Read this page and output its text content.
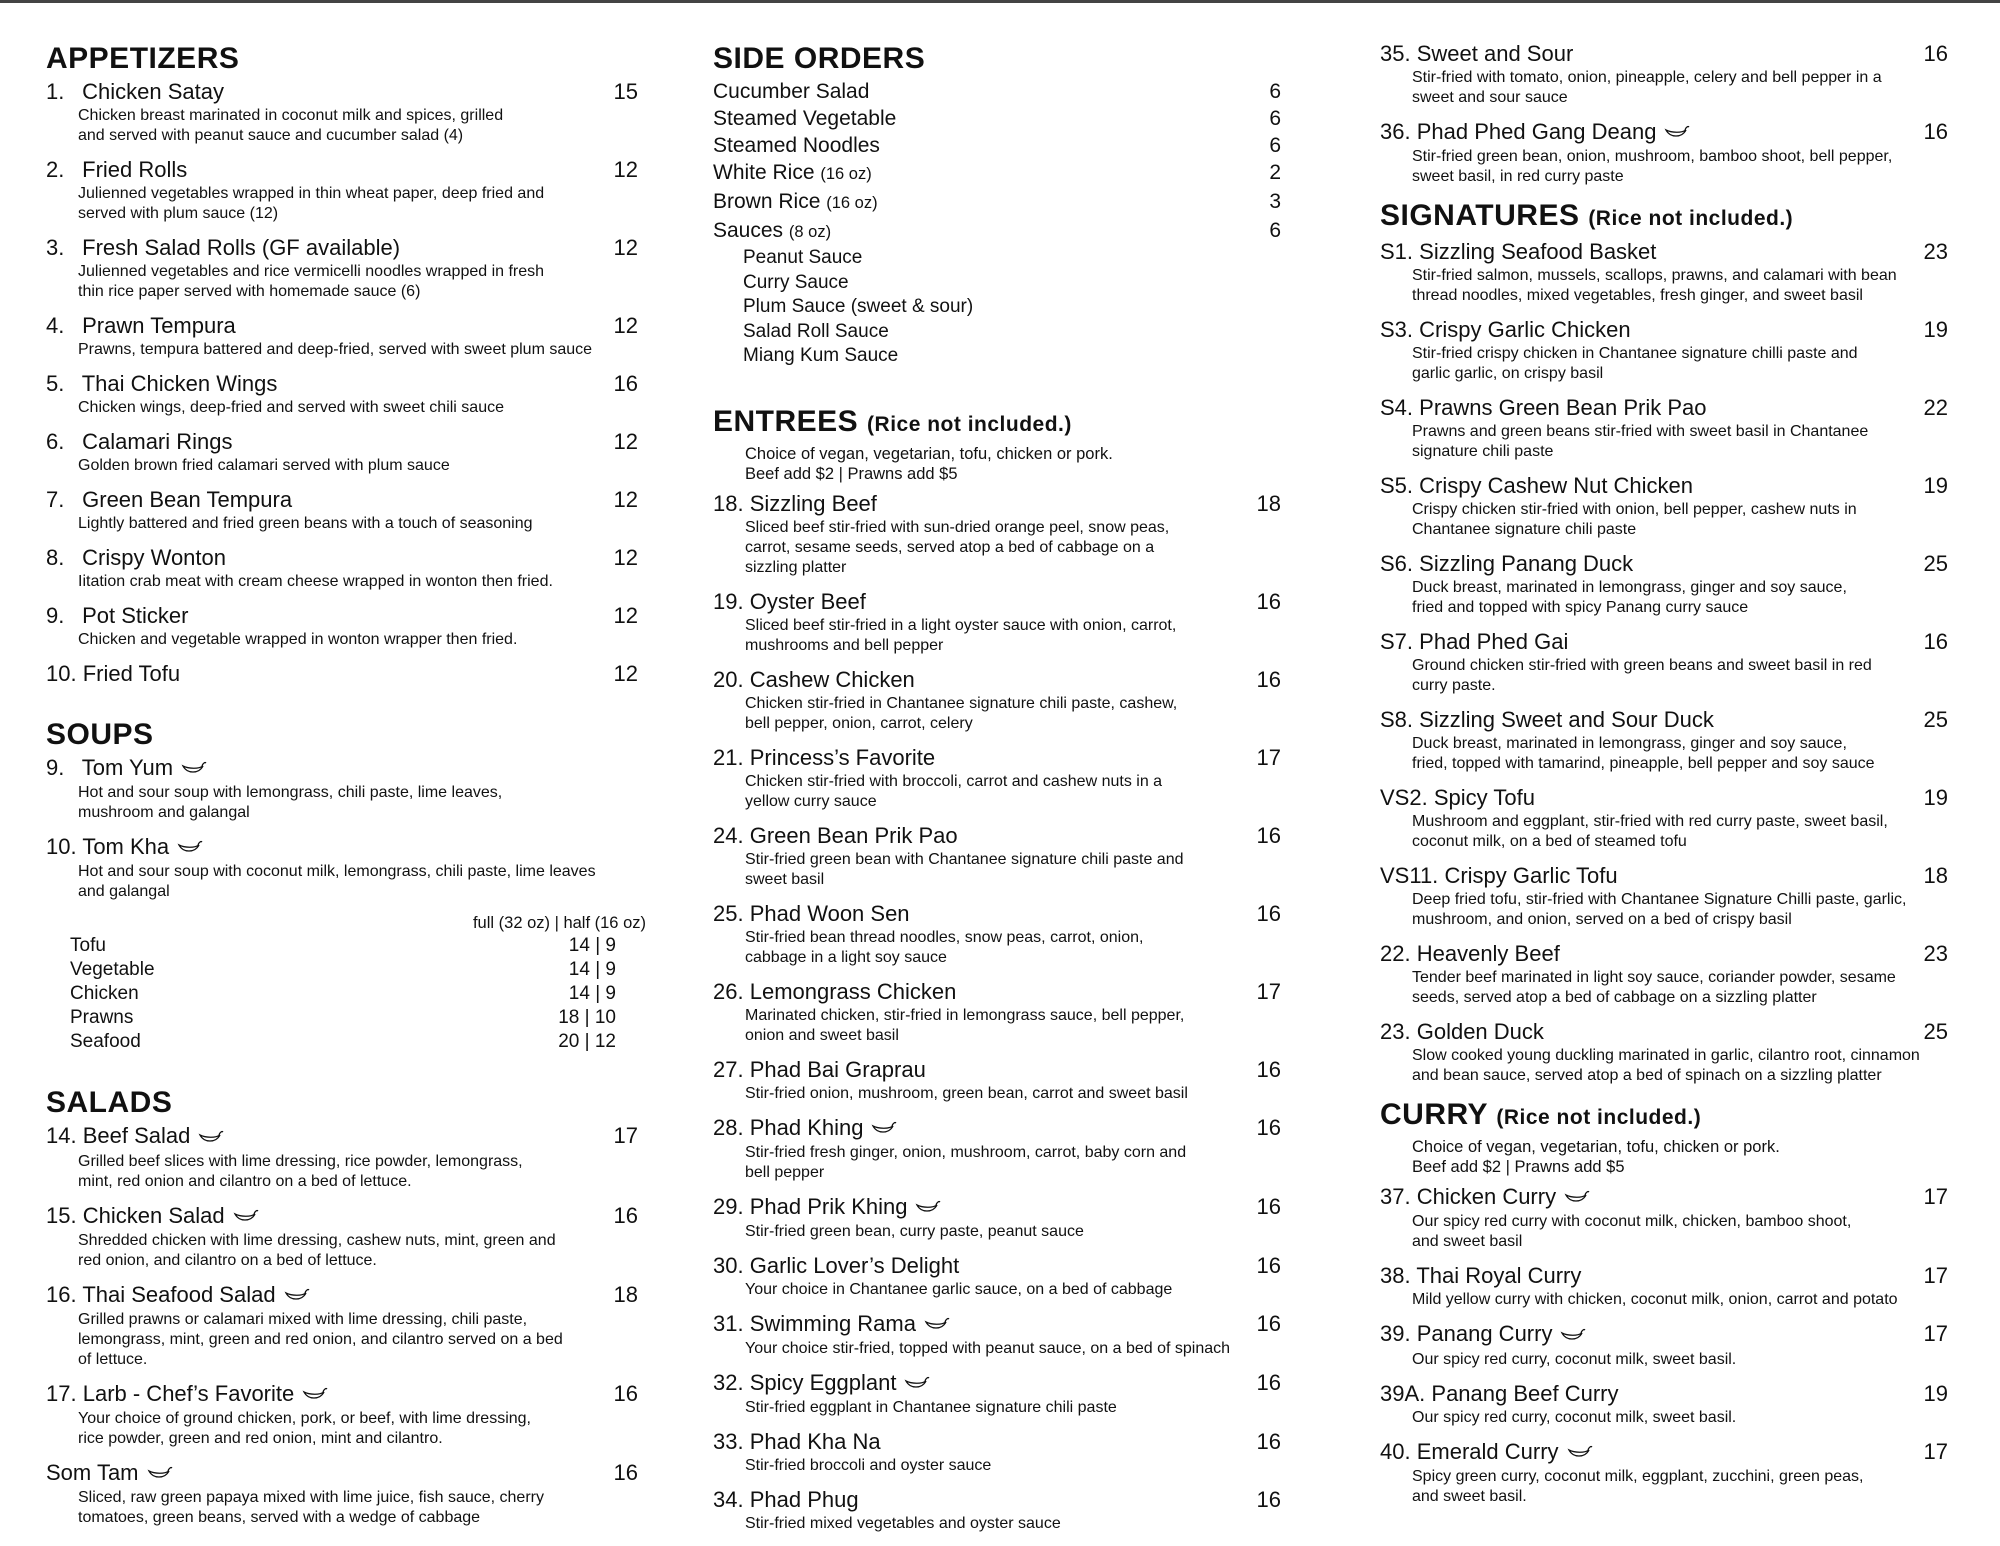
APPETIZERS
1. Chicken Satay	15
Chicken breast marinated in coconut milk and spices, grilled
and served with peanut sauce and cucumber salad (4)
2. Fried Rolls	12
Julienned vegetables wrapped in thin wheat paper, deep fried and
served with plum sauce (12)
3. Fresh Salad Rolls (GF available)	12
Julienned vegetables and rice vermicelli noodles wrapped in fresh
thin rice paper served with homemade sauce (6)
4. Prawn Tempura	12
Prawns, tempura battered and deep-fried, served with sweet plum sauce
5. Thai Chicken Wings	16
Chicken wings, deep-fried and served with sweet chili sauce
6. Calamari Rings	12
Golden brown fried calamari served with plum sauce
7. Green Bean Tempura	12
Lightly battered and fried green beans with a touch of seasoning
8. Crispy Wonton	12
Iitation crab meat with cream cheese wrapped in wonton then fried.
9. Pot Sticker	12
Chicken and vegetable wrapped in wonton wrapper then fried.
10. Fried Tofu	12
SOUPS
9. Tom Yum
Hot and sour soup with lemongrass, chili paste, lime leaves,
mushroom and galangal
10. Tom Kha
Hot and sour soup with coconut milk, lemongrass, chili paste, lime leaves
and galangal
full (32 oz) | half (16 oz)
Tofu	14 | 9
Vegetable	14 | 9
Chicken	14 | 9
Prawns	18 | 10
Seafood	20 | 12
SALADS
14. Beef Salad	17
Grilled beef slices with lime dressing, rice powder, lemongrass,
mint, red onion and cilantro on a bed of lettuce.
15. Chicken Salad	16
Shredded chicken with lime dressing, cashew nuts, mint, green and
red onion, and cilantro on a bed of lettuce.
16. Thai Seafood Salad	18
Grilled prawns or calamari mixed with lime dressing, chili paste,
lemongrass, mint, green and red onion, and cilantro served on a bed
of lettuce.
17. Larb - Chef’s Favorite	16
Your choice of ground chicken, pork, or beef, with lime dressing,
rice powder, green and red onion, mint and cilantro.
Som Tam	16
Sliced, raw green papaya mixed with lime juice, fish sauce, cherry
tomatoes, green beans, served with a wedge of cabbage
SIDE ORDERS
Cucumber Salad	6
Steamed Vegetable	6
Steamed Noodles	6
White Rice (16 oz)	2
Brown Rice (16 oz)	3
Sauces (8 oz)	6
Peanut Sauce
Curry Sauce
Plum Sauce (sweet & sour)
Salad Roll Sauce
Miang Kum Sauce
ENTREES (Rice not included.)
Choice of vegan, vegetarian, tofu, chicken or pork.
Beef add $2 | Prawns add $5
18. Sizzling Beef	18
Sliced beef stir-fried with sun-dried orange peel, snow peas,
carrot, sesame seeds, served atop a bed of cabbage on a
sizzling platter
19. Oyster Beef	16
Sliced beef stir-fried in a light oyster sauce with onion, carrot,
mushrooms and bell pepper
20. Cashew Chicken	16
Chicken stir-fried in Chantanee signature chili paste, cashew,
bell pepper, onion, carrot, celery
21. Princess’s Favorite	17
Chicken stir-fried with broccoli, carrot and cashew nuts in a
yellow curry sauce
24. Green Bean Prik Pao	16
Stir-fried green bean with Chantanee signature chili paste and
sweet basil
25. Phad Woon Sen	16
Stir-fried bean thread noodles, snow peas, carrot, onion,
cabbage in a light soy sauce
26. Lemongrass Chicken	17
Marinated chicken, stir-fried in lemongrass sauce, bell pepper,
onion and sweet basil
27. Phad Bai Graprau	16
Stir-fried onion, mushroom, green bean, carrot and sweet basil
28. Phad Khing	16
Stir-fried fresh ginger, onion, mushroom, carrot, baby corn and
bell pepper
29. Phad Prik Khing	16
Stir-fried green bean, curry paste, peanut sauce
30. Garlic Lover’s Delight	16
Your choice in Chantanee garlic sauce, on a bed of cabbage
31. Swimming Rama	16
Your choice stir-fried, topped with peanut sauce, on a bed of spinach
32. Spicy Eggplant	16
Stir-fried eggplant in Chantanee signature chili paste
33. Phad Kha Na	16
Stir-fried broccoli and oyster sauce
34. Phad Phug	16
Stir-fried mixed vegetables and oyster sauce
35. Sweet and Sour	16
Stir-fried with tomato, onion, pineapple, celery and bell pepper in a
sweet and sour sauce
36. Phad Phed Gang Deang	16
Stir-fried green bean, onion, mushroom, bamboo shoot, bell pepper,
sweet basil, in red curry paste
SIGNATURES (Rice not included.)
S1. Sizzling Seafood Basket	23
Stir-fried salmon, mussels, scallops, prawns, and calamari with bean
thread noodles, mixed vegetables, fresh ginger, and sweet basil
S3. Crispy Garlic Chicken	19
Stir-fried crispy chicken in Chantanee signature chilli paste and
garlic garlic, on crispy basil
S4. Prawns Green Bean Prik Pao	22
Prawns and green beans stir-fried with sweet basil in Chantanee
signature chili paste
S5. Crispy Cashew Nut Chicken	19
Crispy chicken stir-fried with onion, bell pepper, cashew nuts in
Chantanee signature chili paste
S6. Sizzling Panang Duck	25
Duck breast, marinated in lemongrass, ginger and soy sauce,
fried and topped with spicy Panang curry sauce
S7. Phad Phed Gai	16
Ground chicken stir-fried with green beans and sweet basil in red
curry paste.
S8. Sizzling Sweet and Sour Duck	25
Duck breast, marinated in lemongrass, ginger and soy sauce,
fried, topped with tamarind, pineapple, bell pepper and soy sauce
VS2. Spicy Tofu	19
Mushroom and eggplant, stir-fried with red curry paste, sweet basil,
coconut milk, on a bed of steamed tofu
VS11. Crispy Garlic Tofu	18
Deep fried tofu, stir-fried with Chantanee Signature Chilli paste, garlic,
mushroom, and onion, served on a bed of crispy basil
22. Heavenly Beef	23
Tender beef marinated in light soy sauce, coriander powder, sesame
seeds, served atop a bed of cabbage on a sizzling platter
23. Golden Duck	25
Slow cooked young duckling marinated in garlic, cilantro root, cinnamon
and bean sauce, served atop a bed of spinach on a sizzling platter
CURRY (Rice not included.)
Choice of vegan, vegetarian, tofu, chicken or pork.
Beef add $2 | Prawns add $5
37. Chicken Curry	17
Our spicy red curry with coconut milk, chicken, bamboo shoot,
and sweet basil
38. Thai Royal Curry	17
Mild yellow curry with chicken, coconut milk, onion, carrot and potato
39. Panang Curry	17
Our spicy red curry, coconut milk, sweet basil.
39A. Panang Beef Curry	19
Our spicy red curry, coconut milk, sweet basil.
40. Emerald Curry	17
Spicy green curry, coconut milk, eggplant, zucchini, green peas,
and sweet basil.
